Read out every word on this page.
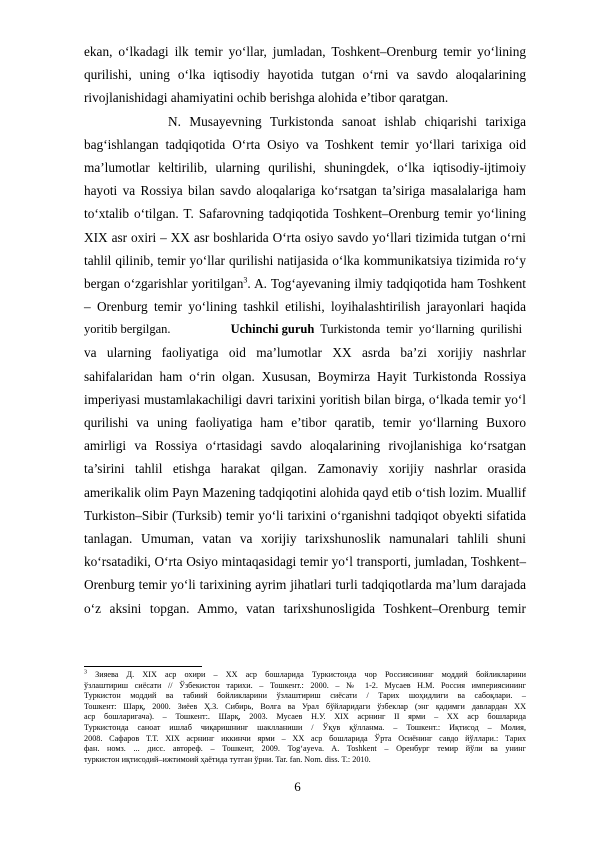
ekan, oʻlkadagi ilk temir yoʻllar, jumladan, Toshkent–Orenburg temir yoʻlining
qurilishi, uning oʻlka iqtisodiy hayotida tutgan oʻrni va savdo aloqalarining
rivojlanishidagi ahamiyatini ochib berishga alohida e’tibor qaratgan.
N. Musayevning Turkistonda sanoat ishlab chiqarishi tarixiga
bagʻishlangan tadqiqotida Oʻrta Osiyo va Toshkent temir yoʻllari tarixiga oid
ma’lumotlar keltirilib, ularning qurilishi, shuningdek, oʻlka iqtisodiy-ijtimoiy
hayoti va Rossiya bilan savdo aloqalariga koʻrsatgan ta’siriga masalalariga ham
toʻxtalib oʻtilgan. T. Safarovning tadqiqotida Toshkent–Orenburg temir yoʻlining
XIX asr oxiri – XX asr boshlarida Oʻrta osiyo savdo yoʻllari tizimida tutgan oʻrni
tahlil qilinib, temir yoʻllar qurilishi natijasida oʻlka kommunikatsiya tizimida roʻy
bergan oʻzgarishlar yoritilgan$^3$. A. Togʻayevaning ilmiy tadqiqotida ham Toshkent
– Orenburg temir yoʻlining tashkil etilishi, loyihalashtirilish jarayonlari haqida
yoritib bergilgan.	Uchinchi guruh Turkistonda temir yoʻllarning qurilishi
va ularning faoliyatiga oid ma’lumotlar XX asrda ba’zi xorijiy nashrlar
sahifalaridan ham oʻrin olgan. Xususan, Boymirza Hayit Turkistonda Rossiya
imperiyasi mustamlakachiligi davri tarixini yoritish bilan birga, oʻlkada temir yoʻl
qurilishi va uning faoliyatiga ham e’tibor qaratib, temir yoʻllarning Buxoro
amirligi va Rossiya oʻrtasidagi savdo aloqalarining rivojlanishiga koʻrsatgan
ta’sirini tahlil etishga harakat qilgan. Zamonaviy xorijiy nashrlar orasida
amerikalik olim Payn Mazening tadqiqotini alohida qayd etib oʻtish lozim. Muallif
Turkiston–Sibir (Turksib) temir yoʻli tarixini oʻrganishni tadqiqot obyekti sifatida
tanlagan. Umuman, vatan va xorijiy tarixshunoslik namunalari tahlili shuni
koʻrsatadiki, Oʻrta Osiyo mintaqasidagi temir yoʻl transporti, jumladan, Toshkent–
Orenburg temir yoʻli tarixining ayrim jihatlari turli tadqiqotlarda ma’lum darajada
oʻz aksini topgan. Ammo, vatan tarixshunosligida Toshkent–Orenburg temir
$^3$ Зияева Д. XIX аср охири – XX аср бошларида Туркистонда чор Россиясининг моддий бойликларини
ўзлаштириш сиёсати // Ўзбекистон тарихи. – Тошкент.: 2000. – № 1-2. Мусаев Н.М. Россия империясининг
Туркистон моддий ва табиий бойликларини ўзлаштириш сиёсати / Тарих шоҳидлиги ва сабоқлари. –
Тошкент: Шарқ, 2000. Зиёев Ҳ.З. Сибирь, Волга ва Урал бўйларидаги ўзбеклар (энг қадимги давлардан XX
аср бошларигача). – Тошкент:. Шарқ, 2003. Мусаев Н.У. XIX асрнинг II ярми – XX аср бошларида
Туркистонда саноат ишлаб чиқаришнинг шаклланиши / Ўқув қўлланма. – Тошкент.: Иқтисод – Молия,
2008. Сафаров Т.Т. XIX асрнинг иккинчи ярми – XX аср бошларида Ўрта Осиёнинг савдо йўллари.: Тарих
фан. номз. ... дисс. автореф. – Тошкент, 2009. Togʻayeva. A. Toshkent – Оренбург темир йўли ва унинг
туркистон иқтисодий–ижтимоий ҳаётида тутган ўрни. Tar. fan. Nom. diss. T.: 2010.
6
